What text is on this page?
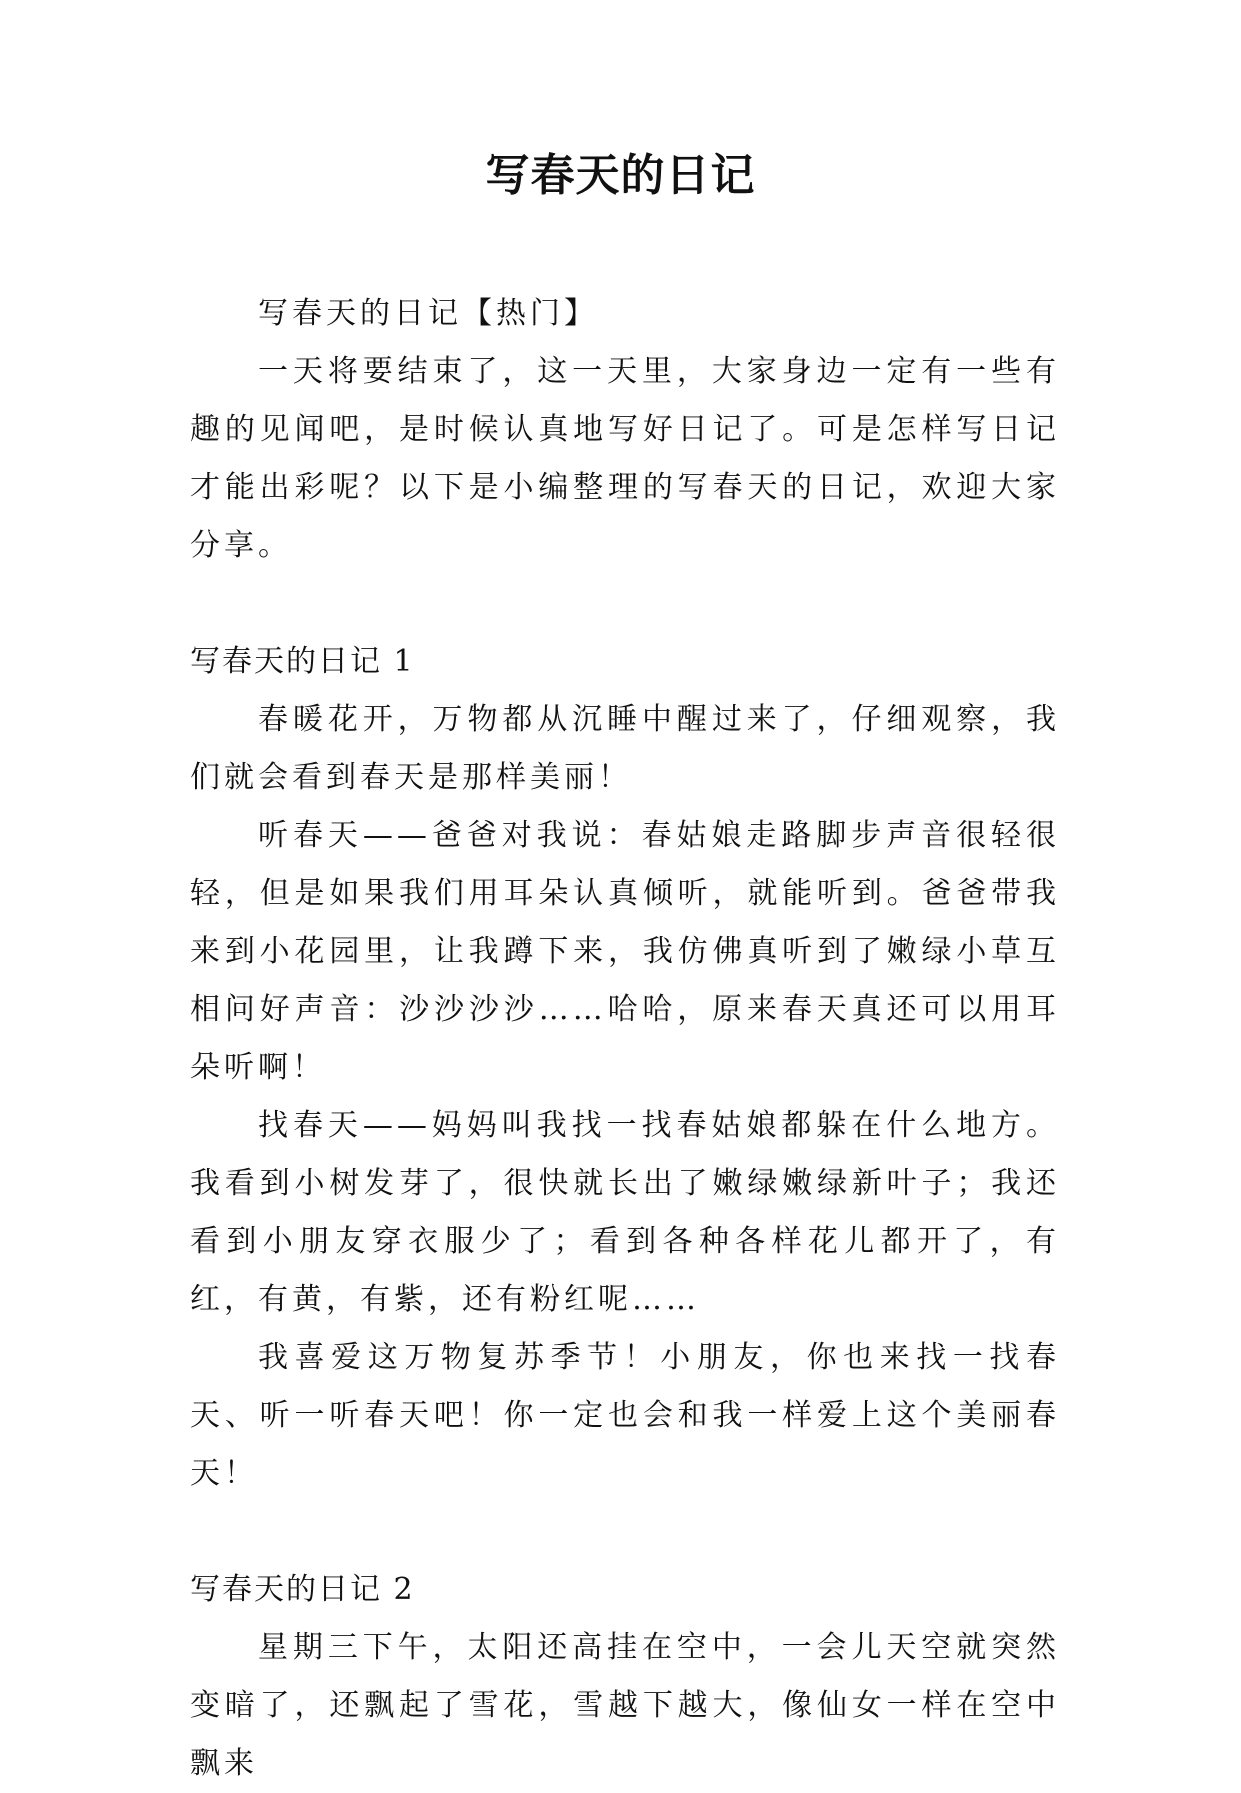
写春天的日记

写春天的日记【热门】

一天将要结束了，这一天里，大家身边一定有一些有趣的见闻吧，是时候认真地写好日记了。可是怎样写日记才能出彩呢？以下是小编整理的写春天的日记，欢迎大家分享。

写春天的日记 1

春暖花开，万物都从沉睡中醒过来了，仔细观察，我们就会看到春天是那样美丽！

听春天——爸爸对我说：春姑娘走路脚步声音很轻很轻，但是如果我们用耳朵认真倾听，就能听到。爸爸带我来到小花园里，让我蹲下来，我仿佛真听到了嫩绿小草互相问好声音：沙沙沙沙……哈哈，原来春天真还可以用耳朵听啊！

找春天——妈妈叫我找一找春姑娘都躲在什么地方。我看到小树发芽了，很快就长出了嫩绿嫩绿新叶子；我还看到小朋友穿衣服少了；看到各种各样花儿都开了，有红，有黄，有紫，还有粉红呢……

我喜爱这万物复苏季节！小朋友，你也来找一找春天、听一听春天吧！你一定也会和我一样爱上这个美丽春天！

写春天的日记 2

星期三下午，太阳还高挂在空中，一会儿天空就突然变暗了，还飘起了雪花，雪越下越大，像仙女一样在空中飘来
